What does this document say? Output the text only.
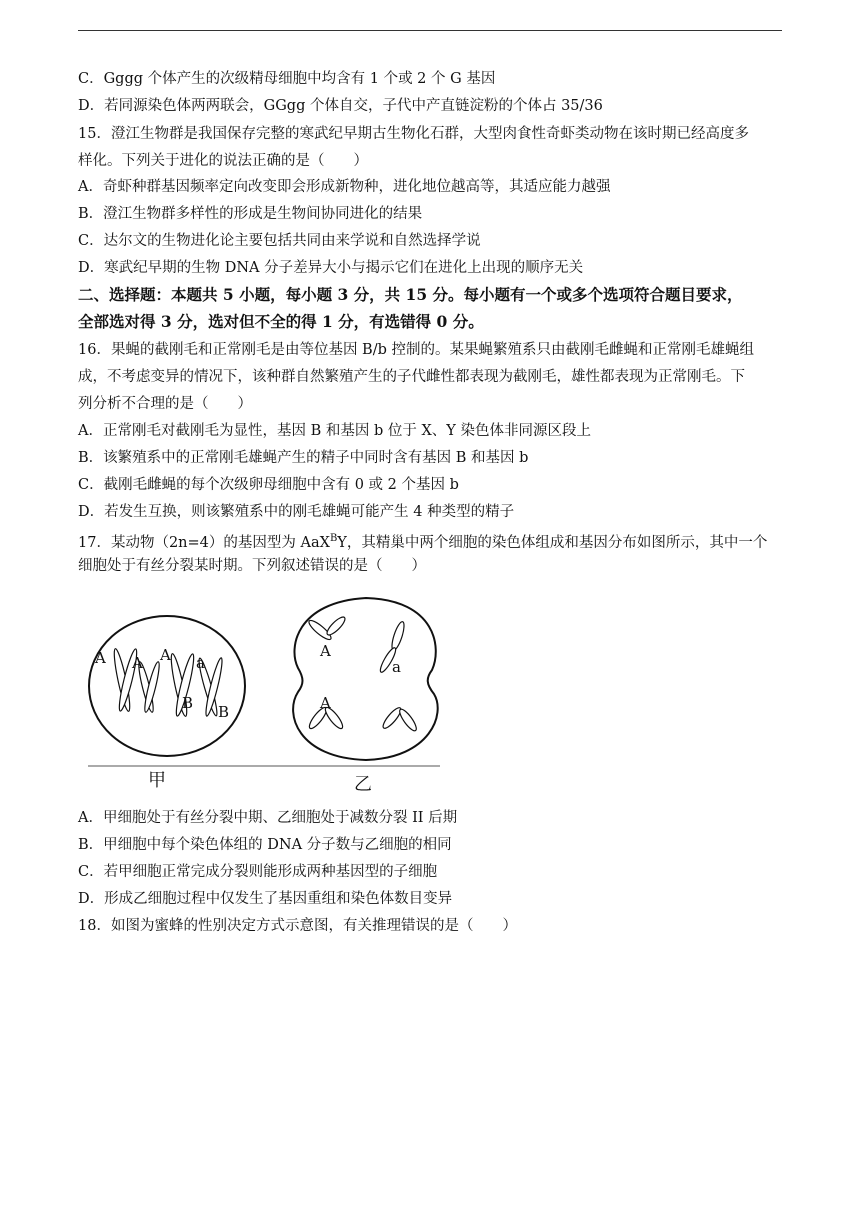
C．Gggg 个体产生的次级精母细胞中均含有 1 个或 2 个 G 基因
D．若同源染色体两两联会，GGgg 个体自交，子代中产直链淀粉的个体占 35/36
15．澄江生物群是我国保存完整的寒武纪早期古生物化石群，大型肉食性奇虾类动物在该时期已经高度多
样化。下列关于进化的说法正确的是（　　）
A．奇虾种群基因频率定向改变即会形成新物种，进化地位越高等，其适应能力越强
B．澄江生物群多样性的形成是生物间协同进化的结果
C．达尔文的生物进化论主要包括共同由来学说和自然选择学说
D．寒武纪早期的生物 DNA 分子差异大小与揭示它们在进化上出现的顺序无关
二、选择题：本题共 5 小题，每小题 3 分，共 15 分。每小题有一个或多个选项符合题目要求，
全部选对得 3 分，选对但不全的得 1 分，有选错得 0 分。
16．果蝇的截刚毛和正常刚毛是由等位基因 B/b 控制的。某果蝇繁殖系只由截刚毛雌蝇和正常刚毛雄蝇组
成，不考虑变异的情况下，该种群自然繁殖产生的子代雌性都表现为截刚毛，雄性都表现为正常刚毛。下
列分析不合理的是（　　）
A．正常刚毛对截刚毛为显性，基因 B 和基因 b 位于 X、Y 染色体非同源区段上
B．该繁殖系中的正常刚毛雄蝇产生的精子中同时含有基因 B 和基因 b
C．截刚毛雌蝇的每个次级卵母细胞中含有 0 或 2 个基因 b
D．若发生互换，则该繁殖系中的刚毛雄蝇可能产生 4 种类型的精子
17．某动物（2n=4）的基因型为 AaX$^B$Y，其精巢中两个细胞的染色体组成和基因分布如图所示，其中一个
细胞处于有丝分裂某时期。下列叙述错误的是（　　）
A A A a
B B
A
a
A
甲	乙
A．甲细胞处于有丝分裂中期、乙细胞处于减数分裂 II 后期
B．甲细胞中每个染色体组的 DNA 分子数与乙细胞的相同
C．若甲细胞正常完成分裂则能形成两种基因型的子细胞
D．形成乙细胞过程中仅发生了基因重组和染色体数目变异
18．如图为蜜蜂的性别决定方式示意图，有关推理错误的是（　　）
